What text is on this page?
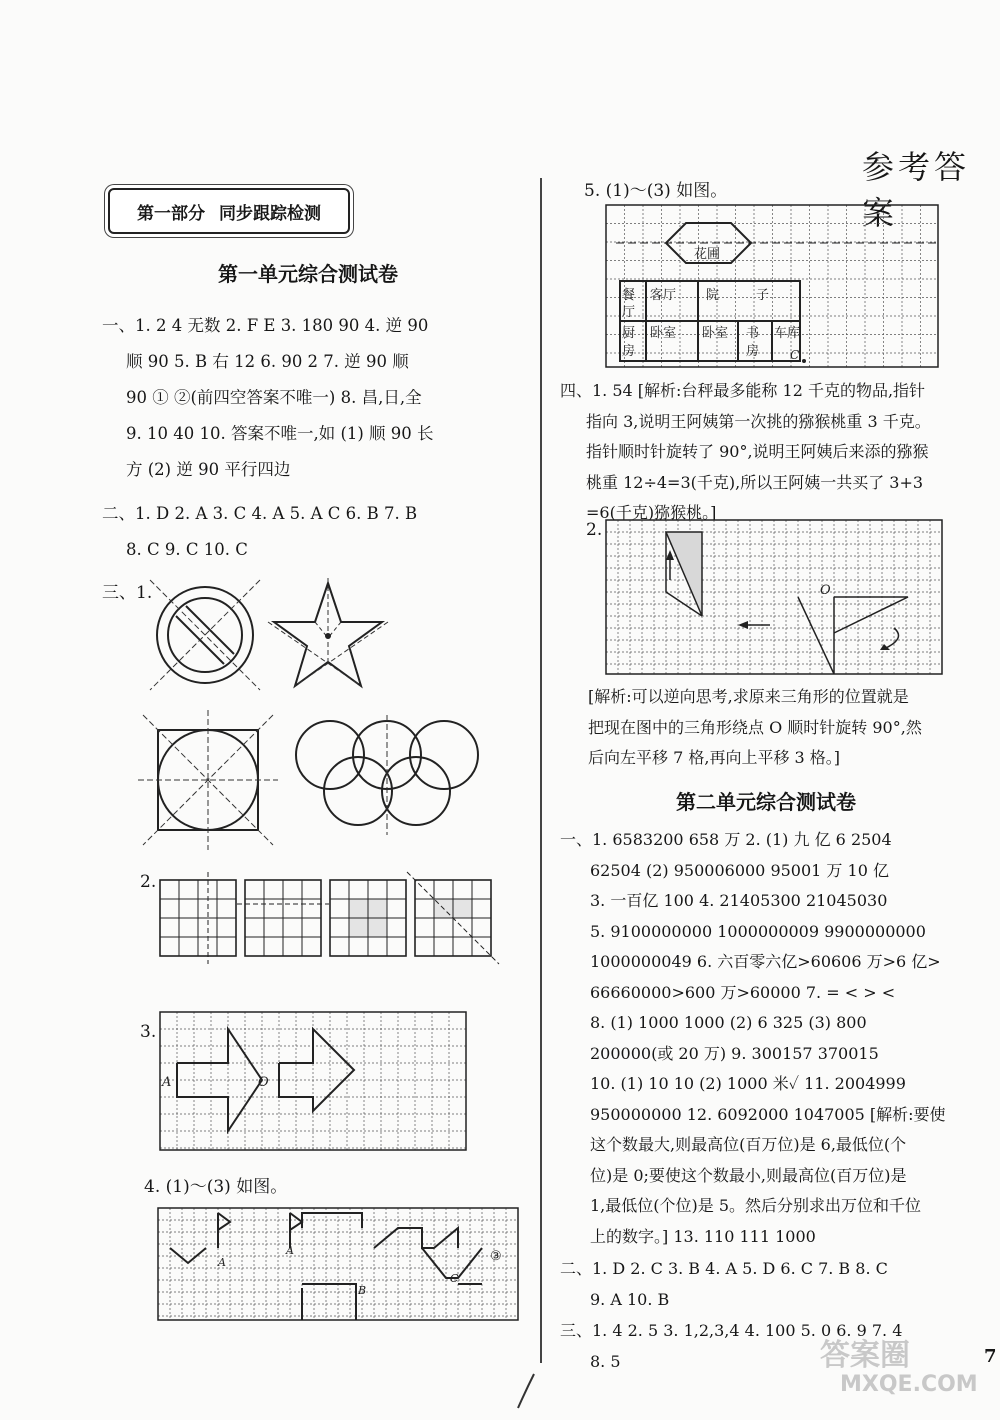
参考答案
第一部分 同步跟踪检测
第一单元综合测试卷
一、1. 2 4 无数 2. F E 3. 180 90 4. 逆 90
顺 90 5. B 右 12 6. 90 2 7. 逆 90 顺
90 ① ②(前四空答案不唯一) 8. 昌,日,全
9. 10 40 10. 答案不唯一,如 (1) 顺 90 长
方 (2) 逆 90 平行四边
二、1. D 2. A 3. C 4. A 5. A C 6. B 7. B
8. C 9. C 10. C
三、1.
2.
3.
A	O
4. (1)～(3) 如图。
A
A
B
C
③
5. (1)～(3) 如图。
花圃
餐
厅
客厅 院	子
厨
房
卧室 卧室 书
房
车库
C
四、1. 54 [解析:台秤最多能称 12 千克的物品,指针
指向 3,说明王阿姨第一次挑的猕猴桃重 3 千克。
指针顺时针旋转了 90°,说明王阿姨后来添的猕猴
桃重 12÷4=3(千克),所以王阿姨一共买了 3+3
=6(千克)猕猴桃。]
2.
O
[解析:可以逆向思考,求原来三角形的位置就是
把现在图中的三角形绕点 O 顺时针旋转 90°,然
后向左平移 7 格,再向上平移 3 格。]
第二单元综合测试卷
一、1. 6583200 658 万 2. (1) 九 亿 6 2504
62504 (2) 950006000 95001 万 10 亿
3. 一百亿 100 4. 21405300 21045030
5. 9100000000 1000000009 9900000000
1000000049 6. 六百零六亿>60606 万>6 亿>
66660000>600 万>60000 7. = < > <
8. (1) 1000 1000 (2) 6 325 (3) 800
200000(或 20 万) 9. 300157 370015
10. (1) 10 10 (2) 1000 米✓ 11. 2004999
950000000 12. 6092000 1047005 [解析:要使
这个数最大,则最高位(百万位)是 6,最低位(个
位)是 0;要使这个数最小,则最高位(百万位)是
1,最低位(个位)是 5。然后分别求出万位和千位
上的数字。] 13. 110 111 1000
二、1. D 2. C 3. B 4. A 5. D 6. C 7. B 8. C
9. A 10. B
三、1. 4 2. 5 3. 1,2,3,4 4. 100 5. 0 6. 9 7. 4
8. 5	7
答案圈
MXQE.COM
